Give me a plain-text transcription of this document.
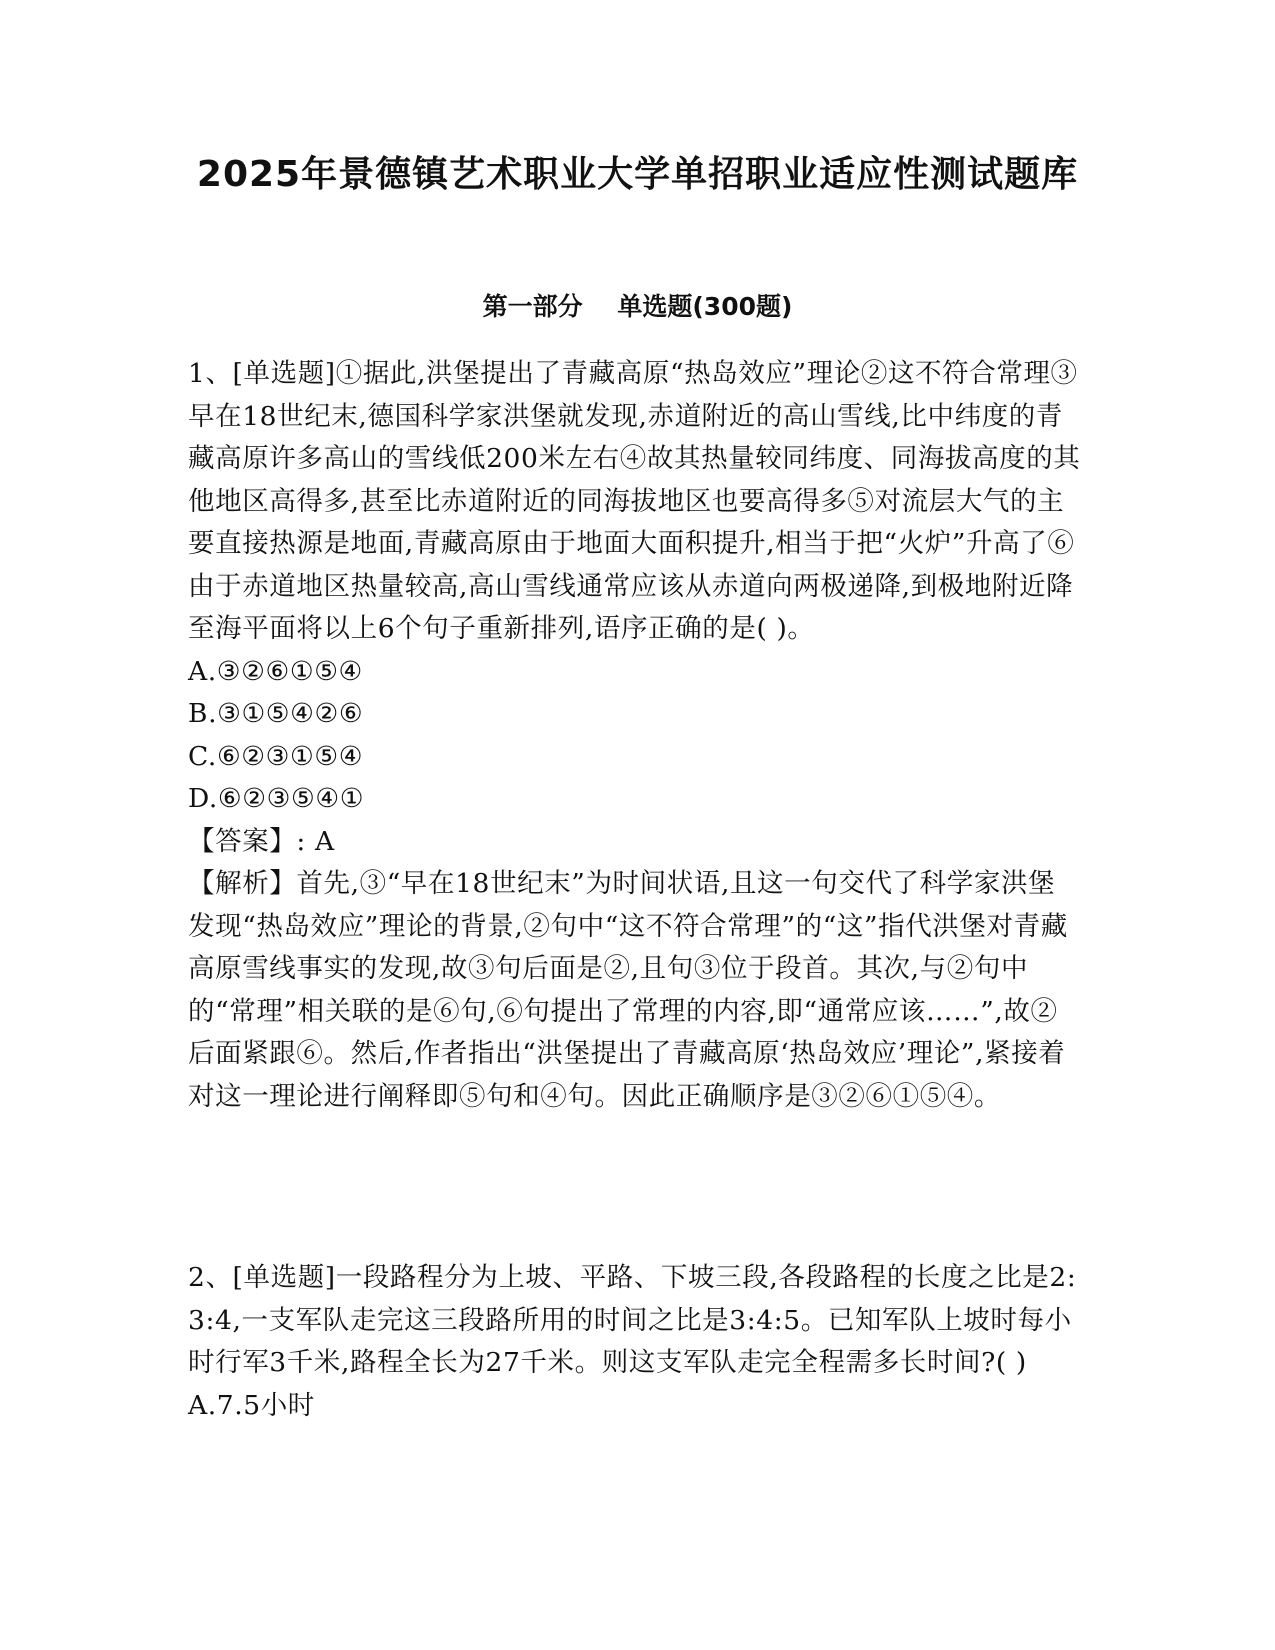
2025年景德镇艺术职业大学单招职业适应性测试题库
第一部分    单选题(300题)

1、[单选题]①据此,洪堡提出了青藏高原“热岛效应”理论②这不符合常理③早在18世纪末,德国科学家洪堡就发现,赤道附近的高山雪线,比中纬度的青藏高原许多高山的雪线低200米左右④故其热量较同纬度、同海拔高度的其他地区高得多,甚至比赤道附近的同海拔地区也要高得多⑤对流层大气的主要直接热源是地面,青藏高原由于地面大面积提升,相当于把“火炉”升高了⑥由于赤道地区热量较高,高山雪线通常应该从赤道向两极递降,到极地附近降至海平面将以上6个句子重新排列,语序正确的是( )。

A.③②⑥①⑤④

B.③①⑤④②⑥

C.⑥②③①⑤④

D.⑥②③⑤④①

【答案】: A

【解析】首先,③“早在18世纪末”为时间状语,且这一句交代了科学家洪堡发现“热岛效应”理论的背景,②句中“这不符合常理”的“这”指代洪堡对青藏高原雪线事实的发现,故③句后面是②,且句③位于段首。其次,与②句中的“常理”相关联的是⑥句,⑥句提出了常理的内容,即“通常应该……”,故②后面紧跟⑥。然后,作者指出“洪堡提出了青藏高原‘热岛效应’理论”,紧接着对这一理论进行阐释即⑤句和④句。因此正确顺序是③②⑥①⑤④。

2、[单选题]一段路程分为上坡、平路、下坡三段,各段路程的长度之比是2:3:4,一支军队走完这三段路所用的时间之比是3:4:5。已知军队上坡时每小时行军3千米,路程全长为27千米。则这支军队走完全程需多长时间?( )

A.7.5小时
